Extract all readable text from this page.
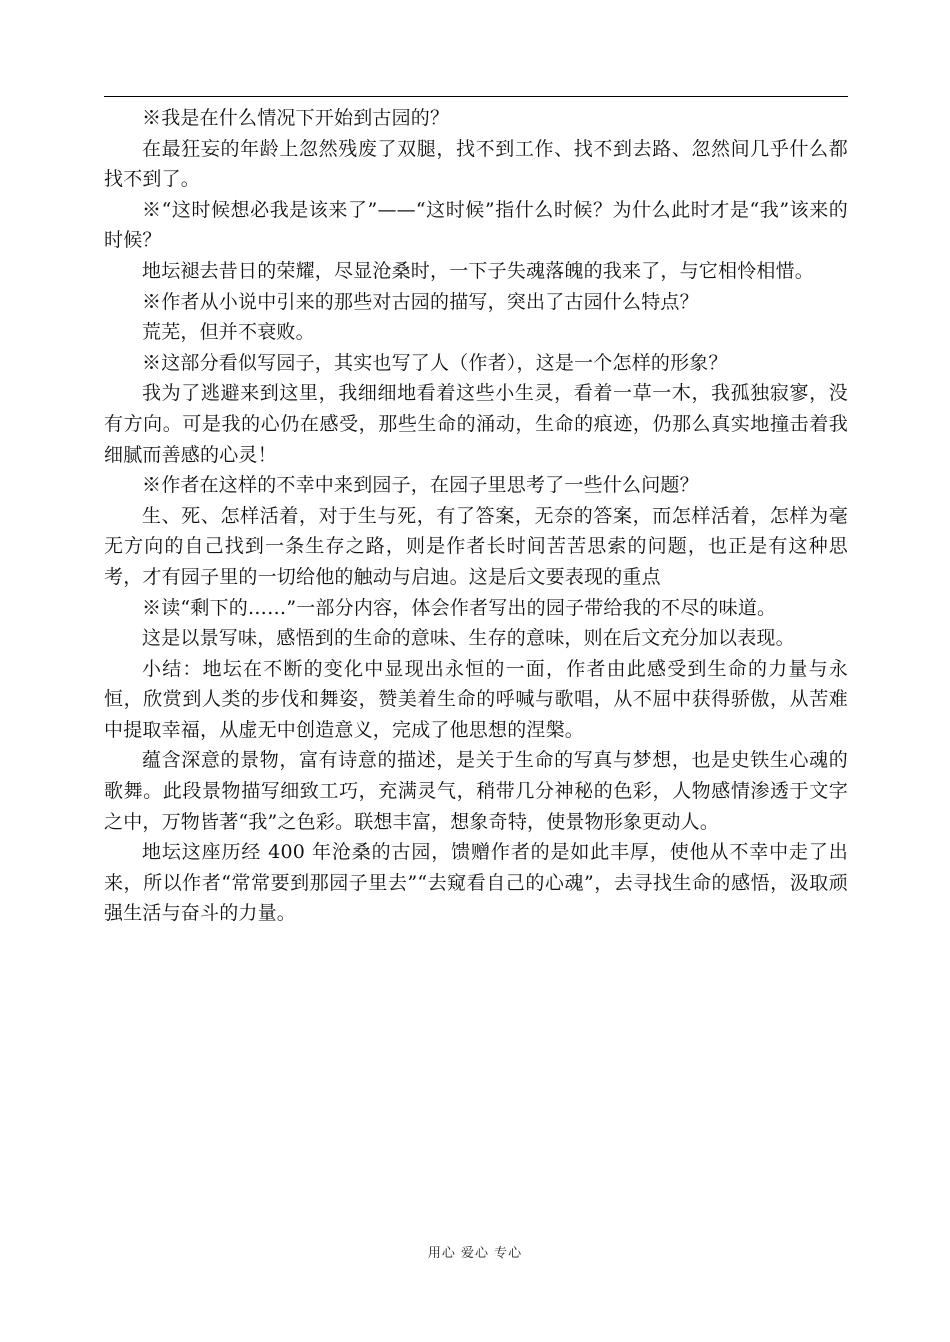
※我是在什么情况下开始到古园的？

在最狂妄的年龄上忽然残废了双腿，找不到工作、找不到去路、忽然间几乎什么都找不到了。

※“这时候想必我是该来了”——“这时候”指什么时候？为什么此时才是“我”该来的时候？

地坛褪去昔日的荣耀，尽显沧桑时，一下子失魂落魄的我来了，与它相怜相惜。

※作者从小说中引来的那些对古园的描写，突出了古园什么特点？

荒芜，但并不衰败。

※这部分看似写园子，其实也写了人（作者），这是一个怎样的形象？

我为了逃避来到这里，我细细地看着这些小生灵，看着一草一木，我孤独寂寥，没有方向。可是我的心仍在感受，那些生命的涌动，生命的痕迹，仍那么真实地撞击着我细腻而善感的心灵！

※作者在这样的不幸中来到园子，在园子里思考了一些什么问题？

生、死、怎样活着，对于生与死，有了答案，无奈的答案，而怎样活着，怎样为毫无方向的自己找到一条生存之路，则是作者长时间苦苦思索的问题，也正是有这种思考，才有园子里的一切给他的触动与启迪。这是后文要表现的重点

※读“剩下的……”一部分内容，体会作者写出的园子带给我的不尽的味道。

这是以景写味，感悟到的生命的意味、生存的意味，则在后文充分加以表现。

小结：地坛在不断的变化中显现出永恒的一面，作者由此感受到生命的力量与永恒，欣赏到人类的步伐和舞姿，赞美着生命的呼喊与歌唱，从不屈中获得骄傲，从苦难中提取幸福，从虚无中创造意义，完成了他思想的涅槃。

蕴含深意的景物，富有诗意的描述，是关于生命的写真与梦想，也是史铁生心魂的歌舞。此段景物描写细致工巧，充满灵气，稍带几分神秘的色彩，人物感情渗透于文字之中，万物皆著“我”之色彩。联想丰富，想象奇特，使景物形象更动人。

地坛这座历经 400 年沧桑的古园，馈赠作者的是如此丰厚，使他从不幸中走了出来，所以作者“常常要到那园子里去”“去窥看自己的心魂”，去寻找生命的感悟，汲取顽强生活与奋斗的力量。

用心 爱心 专心
